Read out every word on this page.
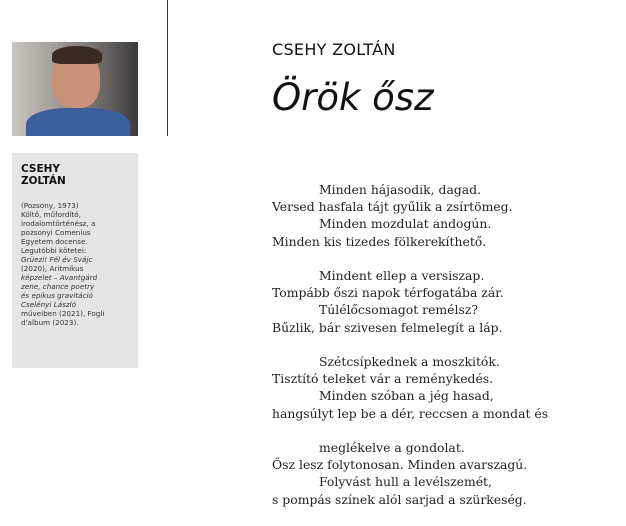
CSEHY
ZOLTÁN

(Pozsony, 1973)

Költő, műfordító,

irodalomtörténész, a

pozsonyi Comenius

Egyetem docense.

Legutóbbi kötetei:

Grüezi! Fél év Svájc

(2020), Aritmikus

képzelet – Avantgárd

zene, chance poetry

és epikus gravitáció

Cselényi László

műveiben (2021), Fogli

d'album (2023).

CSEHY ZOLTÁN
Örök ősz
Minden hájasodik, dagad.
Versed hasfala tájt gyűlik a zsírtömeg.
Minden mozdulat andogún.
Minden kis tizedes fölkerekíthető.
Mindent ellep a versiszap.
Tompább őszi napok térfogatába zár.
Túlélőcsomagot remélsz?
Bűzlik, bár szivesen felmelegít a láp.
Szétcsípkednek a moszkitók.
Tisztító teleket vár a reménykedés.
Minden szóban a jég hasad,
hangsúlyt lep be a dér, reccsen a mondat és
meglékelve a gondolat.
Ősz lesz folytonosan. Minden avarszagú.
Folyvást hull a levélszemét,
s pompás színek alól sarjad a szürkeség.
